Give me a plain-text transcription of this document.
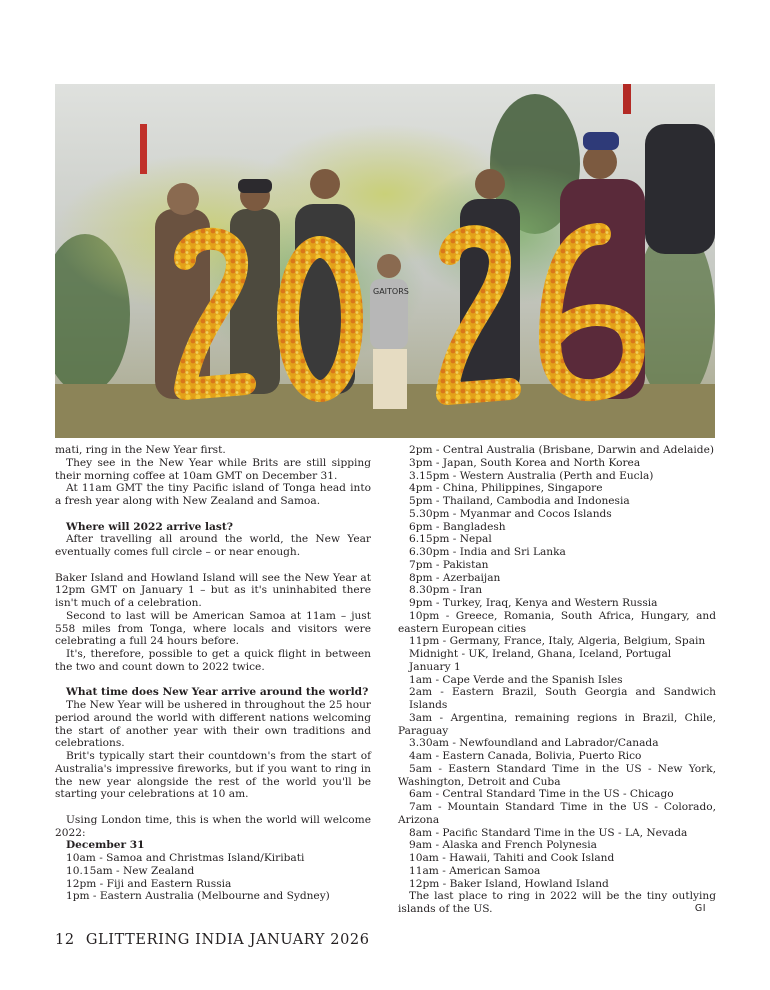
GAITORS

mati, ring in the New Year first.

They see in the New Year while Brits are still sipping their morning coffee at 10am GMT on December 31.

At 11am GMT the tiny Pacific island of Tonga head into a fresh year along with New Zealand and Samoa.

Where will 2022 arrive last?

After travelling all around the world, the New Year eventually comes full circle – or near enough.

Baker Island and Howland Island will see the New Year at 12pm GMT on January 1 – but as it's uninhabited there isn't much of a celebration.

Second to last will be American Samoa at 11am – just 558 miles from Tonga, where locals and visitors were celebrating a full 24 hours before.

It's, therefore, possible to get a quick flight in between the two and count down to 2022 twice.

What time does New Year arrive around the world?

The New Year will be ushered in throughout the 25 hour period around the world with different nations welcoming the start of another year with their own traditions and celebrations.

Brit's typically start their countdown's from the start of Australia's impressive fireworks, but if you want to ring in the new year alongside the rest of the world you'll be starting your celebrations at 10 am.

Using London time, this is when the world will welcome 2022:

December 31

10am - Samoa and Christmas Island/Kiribati

10.15am - New Zealand

12pm - Fiji and Eastern Russia

1pm - Eastern Australia (Melbourne and Sydney)

2pm - Central Australia (Brisbane, Darwin and Adelaide)

3pm - Japan, South Korea and North Korea

3.15pm - Western Australia (Perth and Eucla)

4pm - China, Philippines, Singapore

5pm - Thailand, Cambodia and Indonesia

5.30pm - Myanmar and Cocos Islands

6pm - Bangladesh

6.15pm - Nepal

6.30pm - India and Sri Lanka

7pm - Pakistan

8pm - Azerbaijan

8.30pm - Iran

9pm - Turkey, Iraq, Kenya and Western Russia

10pm - Greece, Romania, South Africa, Hungary, and eastern European cities

11pm - Germany, France, Italy, Algeria, Belgium, Spain

Midnight - UK, Ireland, Ghana, Iceland, Portugal

January 1

1am - Cape Verde and the Spanish Isles

2am - Eastern Brazil, South Georgia and Sandwich Islands

3am - Argentina, remaining regions in Brazil, Chile, Paraguay

3.30am - Newfoundland and Labrador/Canada

4am - Eastern Canada, Bolivia, Puerto Rico

5am - Eastern Standard Time in the US - New York, Washington, Detroit and Cuba

6am - Central Standard Time in the US - Chicago

7am - Mountain Standard Time in the US - Colorado, Arizona

8am - Pacific Standard Time in the US - LA, Nevada

9am - Alaska and French Polynesia

10am - Hawaii, Tahiti and Cook Island

11am - American Samoa

12pm - Baker Island, Howland Island

The last place to ring in 2022 will be the tiny outlying islands of the US.	GI

12 GLITTERING INDIA JANUARY 2026
